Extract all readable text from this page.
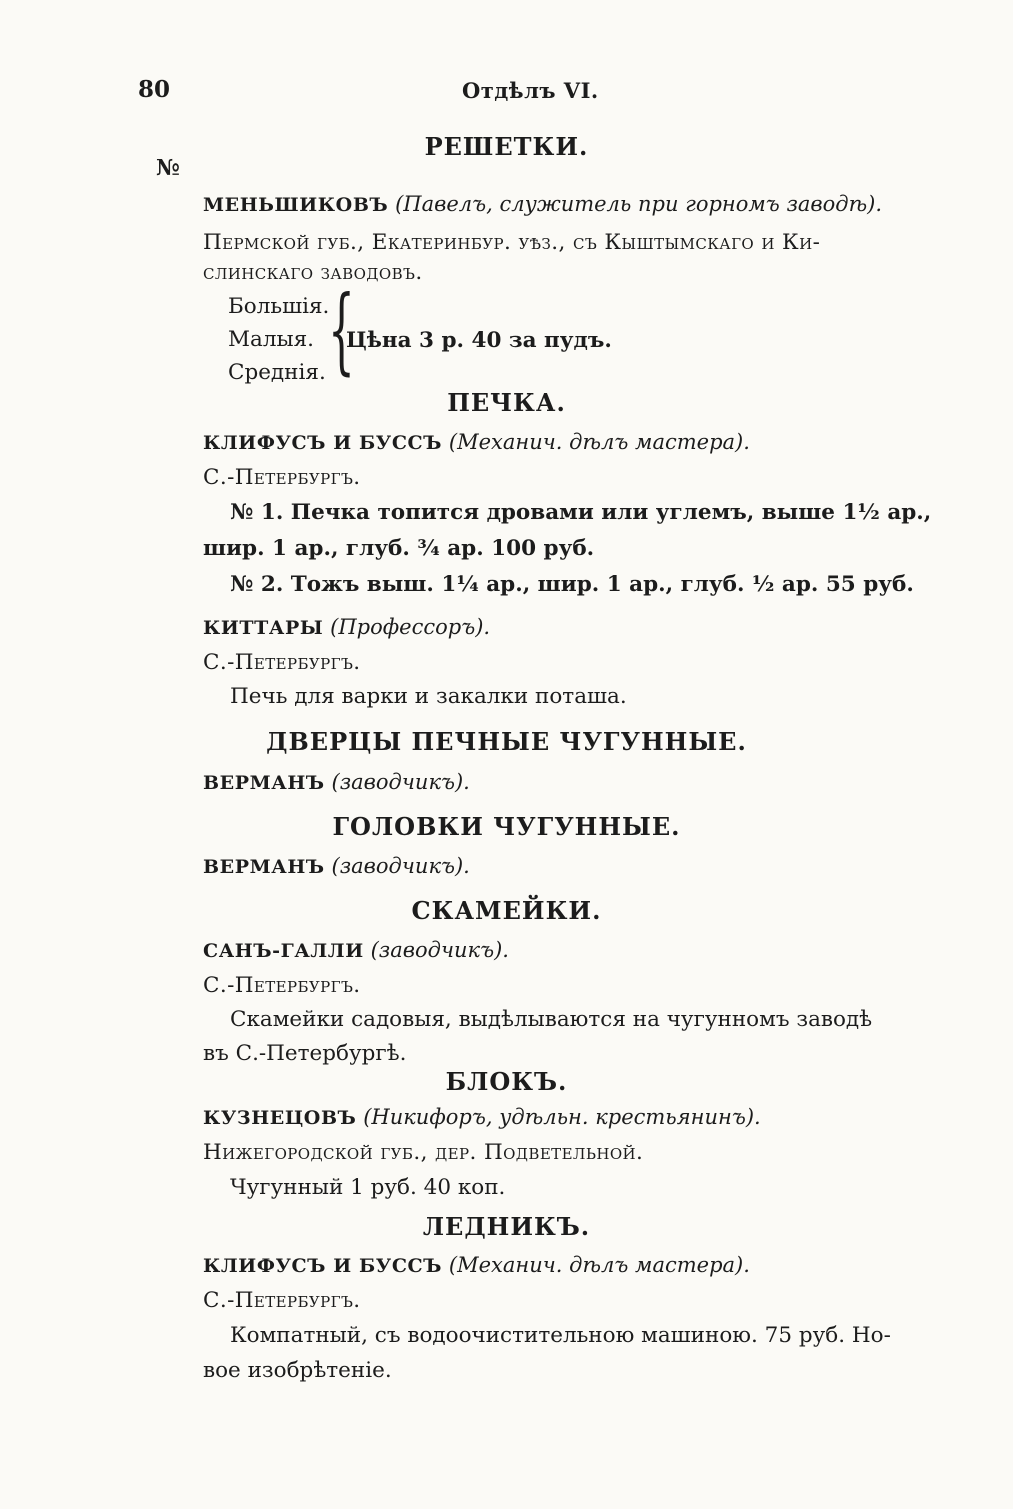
80	Отдѣлъ VI.
№
РЕШЕТКИ.
МЕНЬШИКОВЪ (Павелъ, служитель при горномъ заводѣ).
Пермской губ., Екатеринбур. уѣз., съ Кыштымскаго и Ки-
слинскаго заводовъ.
Большія.
Малыя.
Среднія. {
Цѣна 3 р. 40 за пудъ.
ПЕЧКА.
КЛИФУСЪ И БУССЪ (Механич. дѣлъ мастера).
С.-Петербургъ.
№ 1. Печка топится дровами или углемъ, выше 1½ ар.,
шир. 1 ар., глуб. ¾ ар. 100 руб.
№ 2. Тожъ выш. 1¼ ар., шир. 1 ар., глуб. ½ ар. 55 руб.
КИТТАРЫ (Профессоръ).
С.-Петербургъ.
Печь для варки и закалки поташа.
ДВЕРЦЫ ПЕЧНЫЕ ЧУГУННЫЕ.
ВЕРМАНЪ (заводчикъ).
ГОЛОВКИ ЧУГУННЫЕ.
ВЕРМАНЪ (заводчикъ).
СКАМЕЙКИ.
САНЪ-ГАЛЛИ (заводчикъ).
С.-Петербургъ.
Скамейки садовыя, выдѣлываются на чугунномъ заводѣ
въ С.-Петербургѣ.
БЛОКЪ.
КУЗНЕЦОВЪ (Никифоръ, удѣльн. крестьянинъ).
Нижегородской губ., дер. Подветельной.
Чугунный 1 руб. 40 коп.
ЛЕДНИКЪ.
КЛИФУСЪ И БУССЪ (Механич. дѣлъ мастера).
С.-Петербургъ.
Компатный, съ водоочистительною машиною. 75 руб. Но-
вое изобрѣтеніе.
